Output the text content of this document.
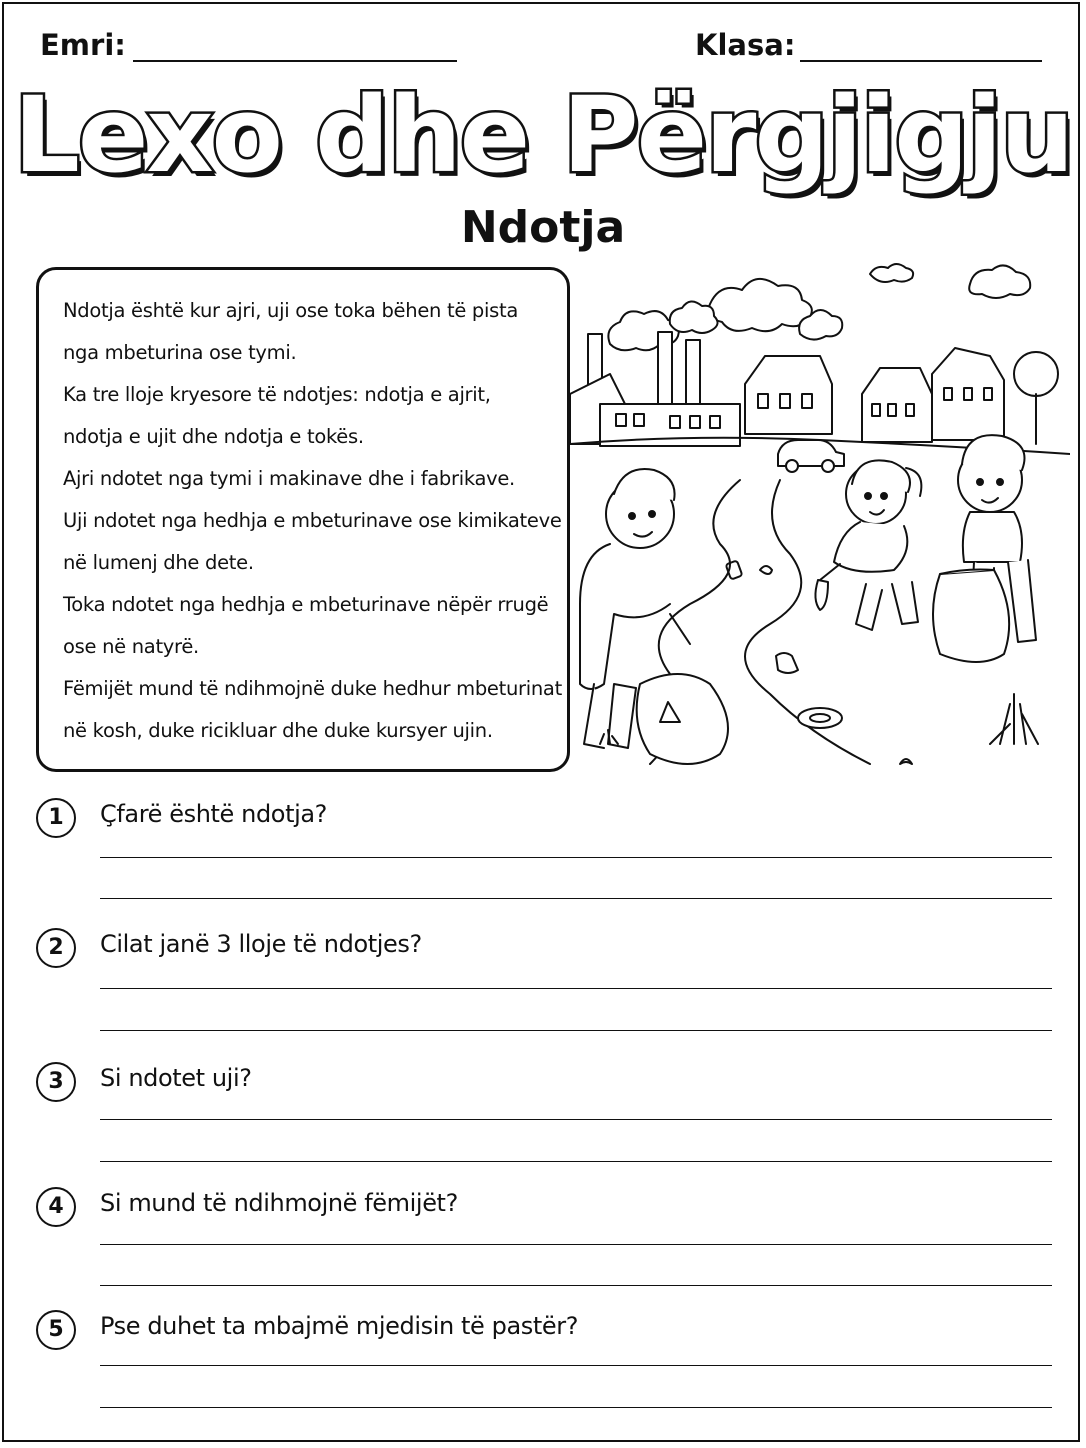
Emri:	Klasa:
Lexo dhe Përgjigju
Ndotja

Ndotja është kur ajri, uji ose toka bëhen të pista

nga mbeturina ose tymi.

Ka tre lloje kryesore të ndotjes: ndotja e ajrit,

ndotja e ujit dhe ndotja e tokës.

Ajri ndotet nga tymi i makinave dhe i fabrikave.

Uji ndotet nga hedhja e mbeturinave ose kimikateve

në lumenj dhe dete.

Toka ndotet nga hedhja e mbeturinave nëpër rrugë

ose në natyrë.

Fëmijët mund të ndihmojnë duke hedhur mbeturinat

në kosh, duke ricikluar dhe duke kursyer ujin.

1	Çfarë është ndotja?
2	Cilat janë 3 lloje të ndotjes?
3	Si ndotet uji?
4	Si mund të ndihmojnë fëmijët?
5	Pse duhet ta mbajmë mjedisin të pastër?
